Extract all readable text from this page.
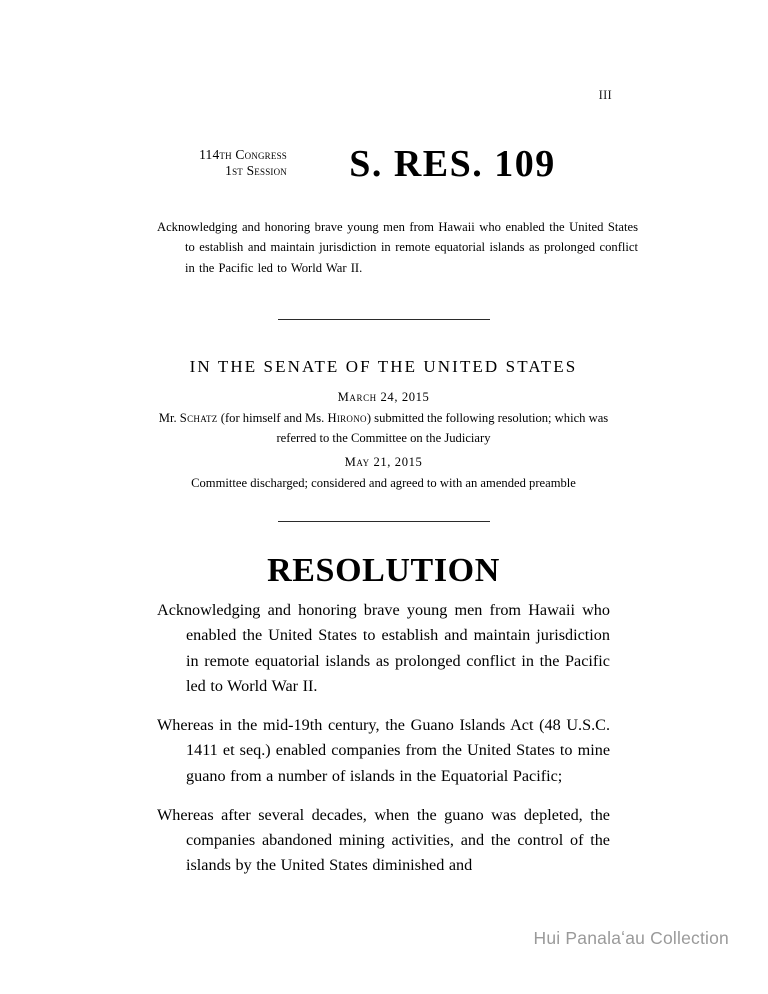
III
114th Congress
1st Session	S. RES. 109
Acknowledging and honoring brave young men from Hawaii who enabled the United States to establish and maintain jurisdiction in remote equatorial islands as prolonged conflict in the Pacific led to World War II.
IN THE SENATE OF THE UNITED STATES
March 24, 2015
Mr. Schatz (for himself and Ms. Hirono) submitted the following resolution; which was referred to the Committee on the Judiciary
May 21, 2015
Committee discharged; considered and agreed to with an amended preamble
RESOLUTION

Acknowledging and honoring brave young men from Hawaii who enabled the United States to establish and maintain jurisdiction in remote equatorial islands as prolonged conflict in the Pacific led to World War II.

Whereas in the mid-19th century, the Guano Islands Act (48 U.S.C. 1411 et seq.) enabled companies from the United States to mine guano from a number of islands in the Equatorial Pacific;

Whereas after several decades, when the guano was depleted, the companies abandoned mining activities, and the control of the islands by the United States diminished and

Hui Panalaʻau Collection
